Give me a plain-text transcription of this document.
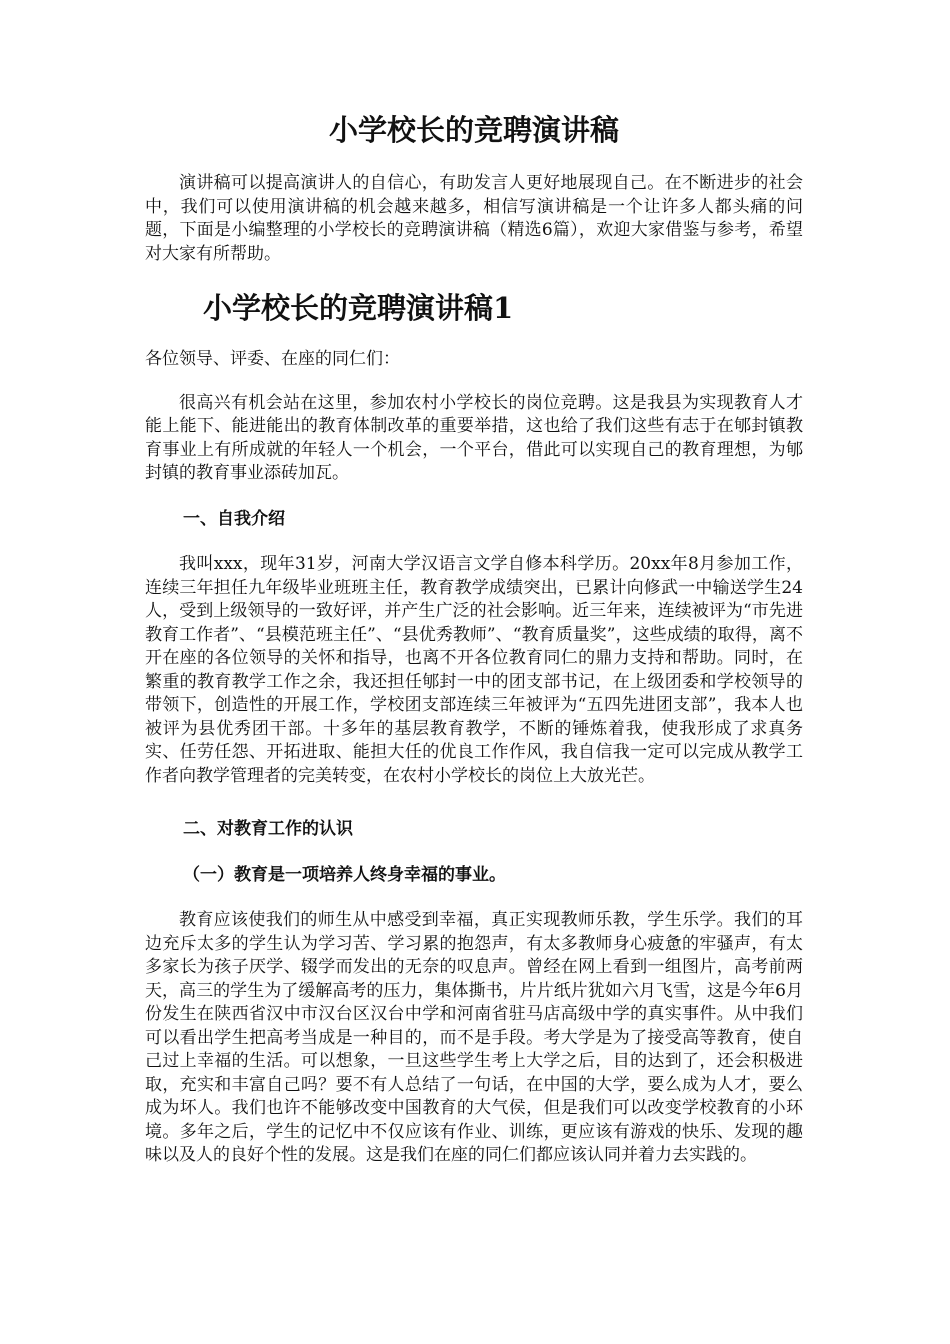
小学校长的竞聘演讲稿

演讲稿可以提高演讲人的自信心，有助发言人更好地展现自己。在不断进步的社会中，我们可以使用演讲稿的机会越来越多，相信写演讲稿是一个让许多人都头痛的问题，下面是小编整理的小学校长的竞聘演讲稿（精选6篇），欢迎大家借鉴与参考，希望对大家有所帮助。

小学校长的竞聘演讲稿1

各位领导、评委、在座的同仁们：

很高兴有机会站在这里，参加农村小学校长的岗位竞聘。这是我县为实现教育人才能上能下、能进能出的教育体制改革的重要举措，这也给了我们这些有志于在郇封镇教育事业上有所成就的年轻人一个机会，一个平台，借此可以实现自己的教育理想，为郇封镇的教育事业添砖加瓦。

一、自我介绍

我叫xxx，现年31岁，河南大学汉语言文学自修本科学历。20xx年8月参加工作，连续三年担任九年级毕业班班主任，教育教学成绩突出，已累计向修武一中输送学生24人，受到上级领导的一致好评，并产生广泛的社会影响。近三年来，连续被评为“市先进教育工作者”、“县模范班主任”、“县优秀教师”、“教育质量奖”，这些成绩的取得，离不开在座的各位领导的关怀和指导，也离不开各位教育同仁的鼎力支持和帮助。同时，在繁重的教育教学工作之余，我还担任郇封一中的团支部书记，在上级团委和学校领导的带领下，创造性的开展工作，学校团支部连续三年被评为“五四先进团支部”，我本人也被评为县优秀团干部。十多年的基层教育教学，不断的锤炼着我，使我形成了求真务实、任劳任怨、开拓进取、能担大任的优良工作作风，我自信我一定可以完成从教学工作者向教学管理者的完美转变，在农村小学校长的岗位上大放光芒。

二、对教育工作的认识
（一）教育是一项培养人终身幸福的事业。

教育应该使我们的师生从中感受到幸福，真正实现教师乐教，学生乐学。我们的耳边充斥太多的学生认为学习苦、学习累的抱怨声，有太多教师身心疲惫的牢骚声，有太多家长为孩子厌学、辍学而发出的无奈的叹息声。曾经在网上看到一组图片，高考前两天，高三的学生为了缓解高考的压力，集体撕书，片片纸片犹如六月飞雪，这是今年6月份发生在陕西省汉中市汉台区汉台中学和河南省驻马店高级中学的真实事件。从中我们可以看出学生把高考当成是一种目的，而不是手段。考大学是为了接受高等教育，使自己过上幸福的生活。可以想象，一旦这些学生考上大学之后，目的达到了，还会积极进取，充实和丰富自己吗？要不有人总结了一句话，在中国的大学，要么成为人才，要么成为坏人。我们也许不能够改变中国教育的大气侯，但是我们可以改变学校教育的小环境。多年之后，学生的记忆中不仅应该有作业、训练，更应该有游戏的快乐、发现的趣味以及人的良好个性的发展。这是我们在座的同仁们都应该认同并着力去实践的。
